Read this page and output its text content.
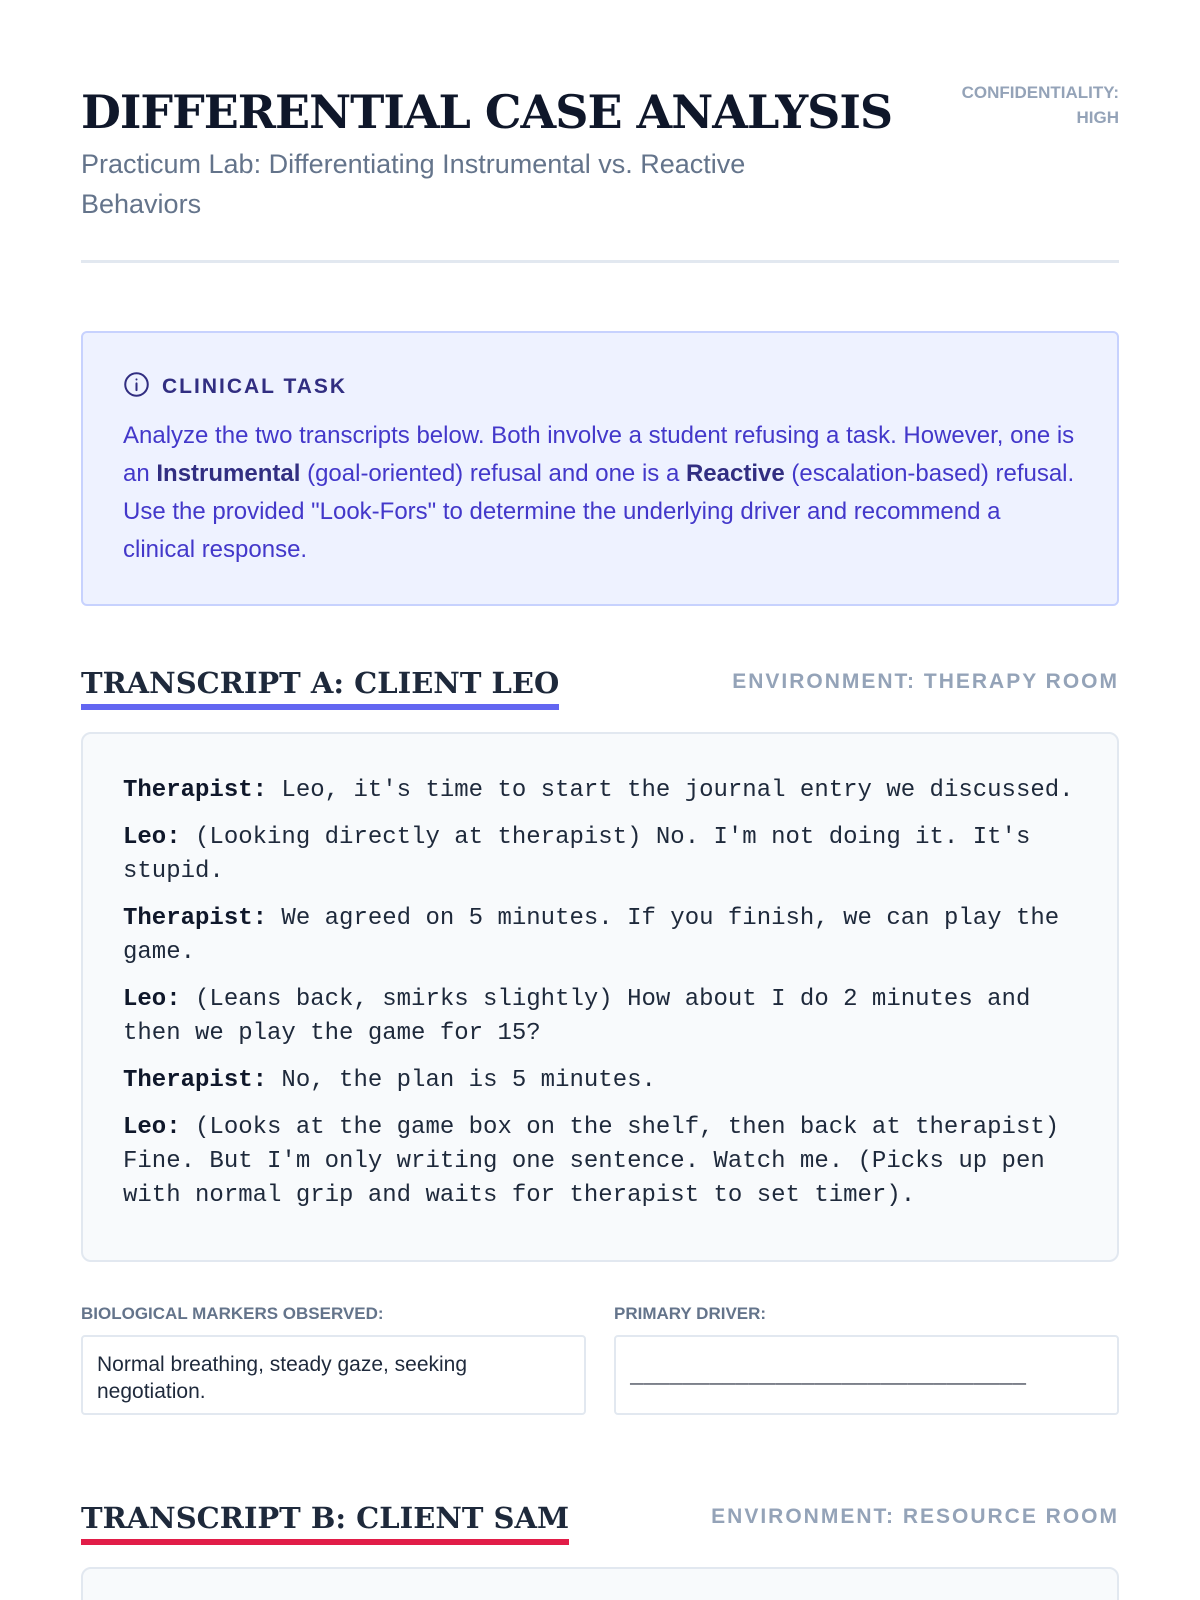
DIFFERENTIAL CASE ANALYSIS
Practicum Lab: Differentiating Instrumental vs. Reactive Behaviors
CONFIDENTIALITY:
HIGH
CLINICAL TASK

Analyze the two transcripts below. Both involve a student refusing a task. However, one is an Instrumental (goal-oriented) refusal and one is a Reactive (escalation-based) refusal. Use the provided "Look-Fors" to determine the underlying driver and recommend a clinical response.

TRANSCRIPT A: CLIENT LEO	ENVIRONMENT: THERAPY ROOM

Therapist: Leo, it's time to start the journal entry we discussed.

Leo: (Looking directly at therapist) No. I'm not doing it. It's stupid.

Therapist: We agreed on 5 minutes. If you finish, we can play the game.

Leo: (Leans back, smirks slightly) How about I do 2 minutes and then we play the game for 15?

Therapist: No, the plan is 5 minutes.

Leo: (Looks at the game box on the shelf, then back at therapist) Fine. But I'm only writing one sentence. Watch me. (Picks up pen with normal grip and waits for therapist to set timer).

BIOLOGICAL MARKERS OBSERVED:
Normal breathing, steady gaze, seeking negotiation.
PRIMARY DRIVER:
______________________________
TRANSCRIPT B: CLIENT SAM	ENVIRONMENT: RESOURCE ROOM
